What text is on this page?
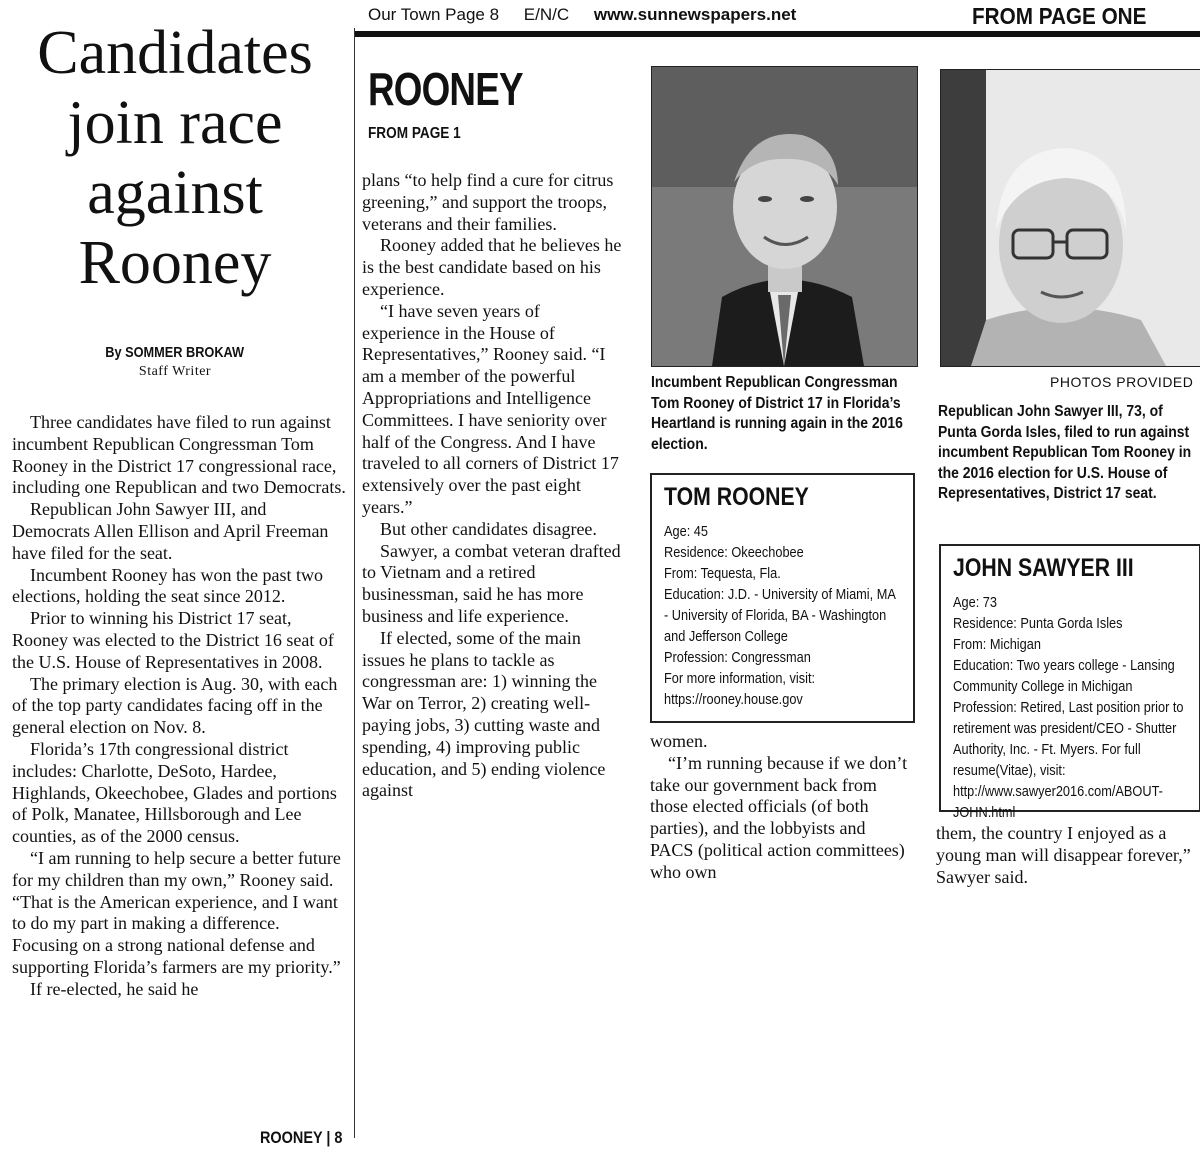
Candidates join race against Rooney
By SOMMER BROKAW
Staff Writer

Three candidates have filed to run against incumbent Republican Congressman Tom Rooney in the District 17 congressional race, including one Republican and two Democrats.

Republican John Sawyer III, and Democrats Allen Ellison and April Freeman have filed for the seat.

Incumbent Rooney has won the past two elections, holding the seat since 2012.

Prior to winning his District 17 seat, Rooney was elected to the District 16 seat of the U.S. House of Representatives in 2008.

The primary election is Aug. 30, with each of the top party candidates facing off in the general election on Nov. 8.

Florida’s 17th congressional district includes: Charlotte, DeSoto, Hardee, Highlands, Okeechobee, Glades and portions of Polk, Manatee, Hillsborough and Lee counties, as of the 2000 census.

“I am running to help secure a better future for my children than my own,” Rooney said. “That is the American experience, and I want to do my part in making a difference. Focusing on a strong national defense and supporting Florida’s farmers are my priority.”

If re-elected, he said he

ROONEY | 8
Our Town Page 8 E/N/C www.sunnewspapers.net	FROM PAGE ONE
ROONEY
FROM PAGE 1

plans “to help find a cure for citrus greening,” and support the troops, veterans and their families.

Rooney added that he believes he is the best candidate based on his experience.

“I have seven years of experience in the House of Representatives,” Rooney said. “I am a member of the powerful Appropriations and Intelligence Committees. I have seniority over half of the Congress. And I have traveled to all corners of District 17 extensively over the past eight years.”

But other candidates disagree.

Sawyer, a combat veteran drafted to Vietnam and a retired businessman, said he has more business and life experience.

If elected, some of the main issues he plans to tackle as congressman are: 1) winning the War on Terror, 2) creating well-paying jobs, 3) cutting waste and spending, 4) improving public education, and 5) ending violence against

women.

“I’m running because if we don’t take our government back from those elected officials (of both parties), and the lobbyists and PACS (political action committees) who own

them, the country I enjoyed as a young man will disappear forever,” Sawyer said.

PHOTOS PROVIDED
Incumbent Republican Congressman Tom Rooney of District 17 in Florida’s Heartland is running again in the 2016 election.
Republican John Sawyer III, 73, of Punta Gorda Isles, filed to run against incumbent Republican Tom Rooney in the 2016 election for U.S. House of Representatives, District 17 seat.
TOM ROONEY
Age: 45
Residence: Okeechobee
From: Tequesta, Fla.
Education: J.D. - University of Miami, MA - University of Florida, BA - Washington and Jefferson College
Profession: Congressman
For more information, visit: https://rooney.house.gov
JOHN SAWYER III
Age: 73
Residence: Punta Gorda Isles
From: Michigan
Education: Two years college - Lansing Community College in Michigan
Profession: Retired, Last position prior to retirement was president/CEO - Shutter Authority, Inc. - Ft. Myers. For full resume(Vitae), visit: http://www.sawyer2016.com/ABOUT-JOHN.html
